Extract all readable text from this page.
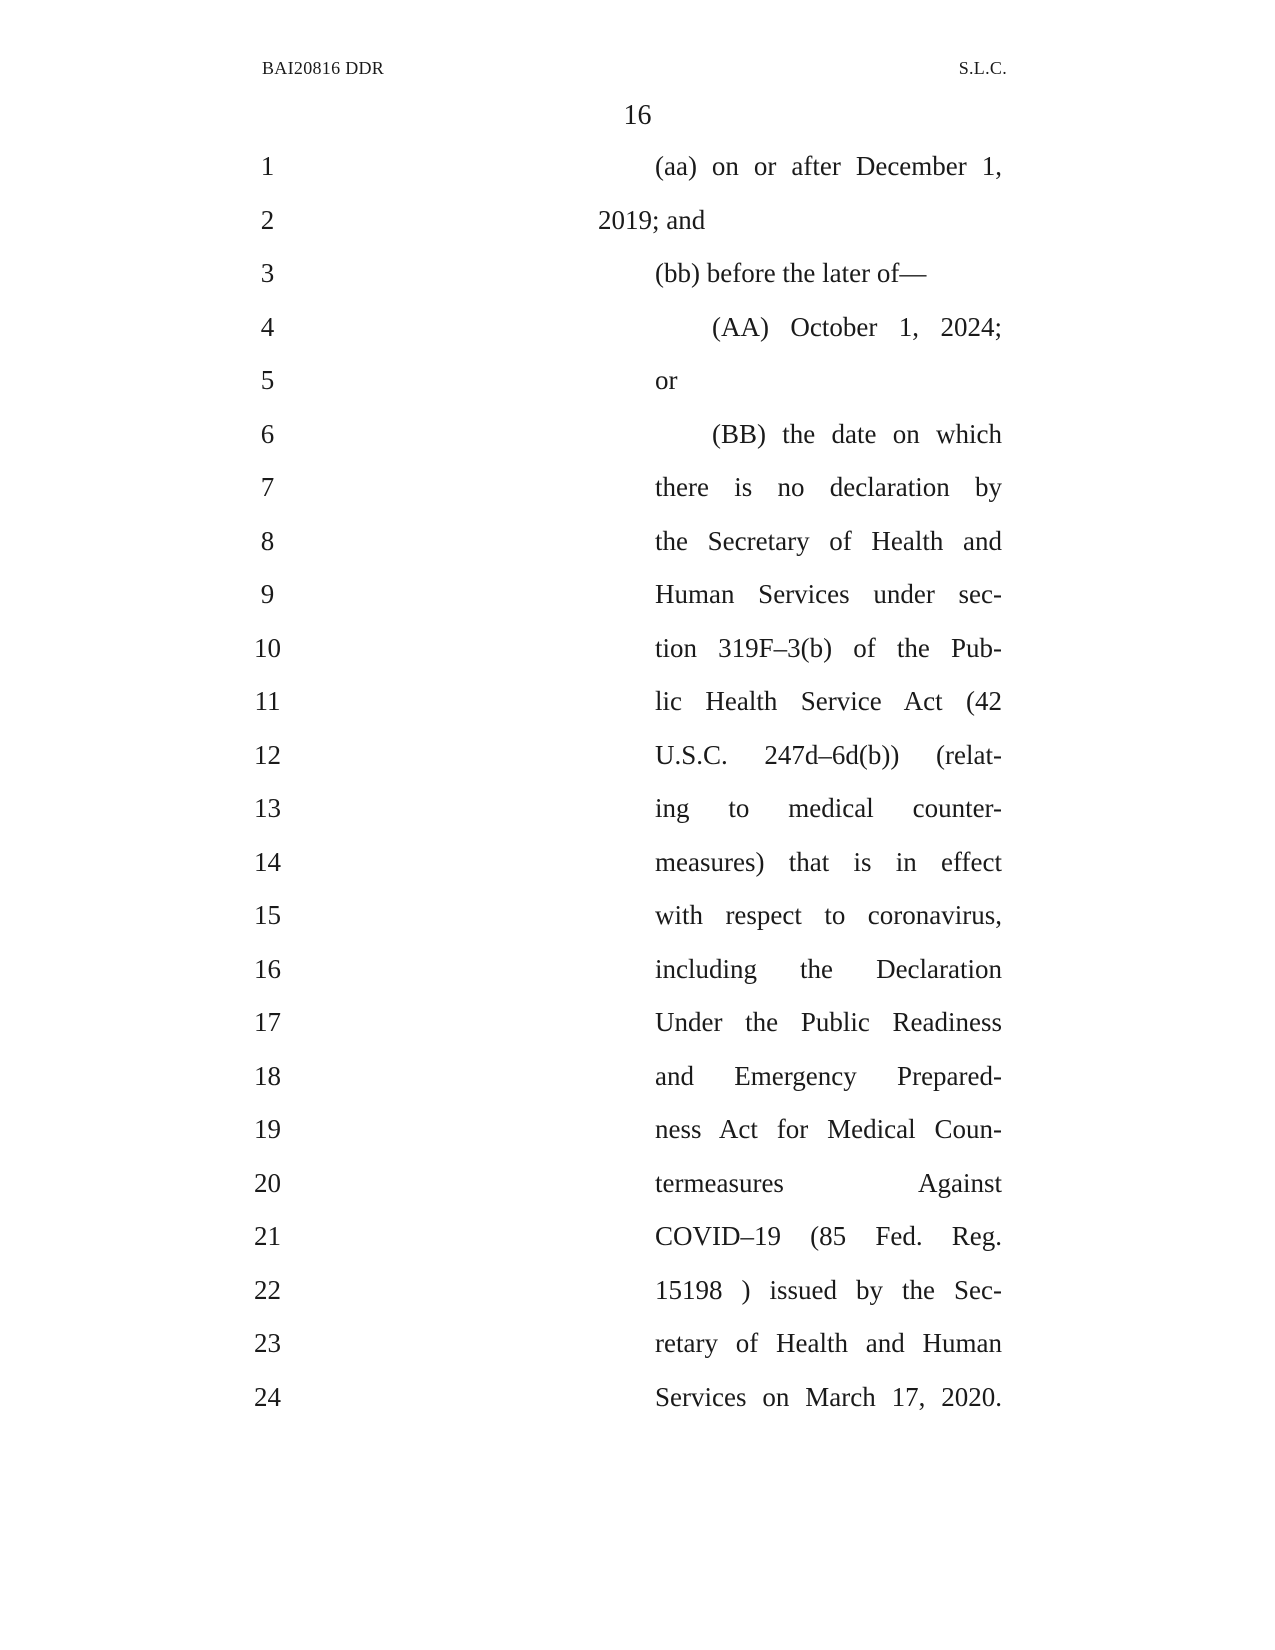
BAI20816 DDR	S.L.C.
16
1	(aa) on or after December 1,
2	2019; and
3	(bb) before the later of—
4	(AA) October 1, 2024;
5	or
6	(BB) the date on which
7	there is no declaration by
8	the Secretary of Health and
9	Human Services under sec-
10	tion 319F–3(b) of the Pub-
11	lic Health Service Act (42
12	U.S.C. 247d–6d(b)) (relat-
13	ing to medical counter-
14	measures) that is in effect
15	with respect to coronavirus,
16	including the Declaration
17	Under the Public Readiness
18	and Emergency Prepared-
19	ness Act for Medical Coun-
20	termeasures Against
21	COVID–19 (85 Fed. Reg.
22	15198 ) issued by the Sec-
23	retary of Health and Human
24	Services on March 17, 2020.
